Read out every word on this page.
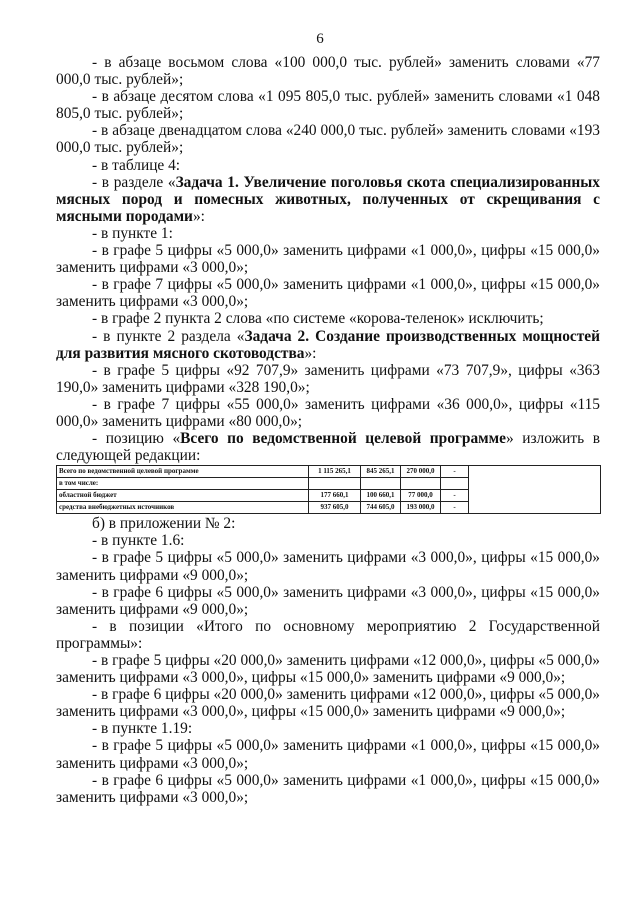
6

- в абзаце восьмом слова «100 000,0 тыс. рублей» заменить словами «77 000,0 тыс. рублей»;

- в абзаце десятом слова «1 095 805,0 тыс. рублей» заменить словами «1 048 805,0 тыс. рублей»;

- в абзаце двенадцатом слова «240 000,0 тыс. рублей» заменить словами «193 000,0 тыс. рублей»;

- в таблице 4:

- в разделе «Задача 1. Увеличение поголовья скота специализированных мясных пород и помесных животных, полученных от скрещивания с мясными породами»:

- в пункте 1:

- в графе 5 цифры «5 000,0» заменить цифрами «1 000,0», цифры «15 000,0» заменить цифрами «3 000,0»;

- в графе 7 цифры «5 000,0» заменить цифрами «1 000,0», цифры «15 000,0» заменить цифрами «3 000,0»;

- в графе 2 пункта 2 слова «по системе «корова-теленок» исключить;

- в пункте 2 раздела «Задача 2. Создание производственных мощностей для развития мясного скотоводства»:

- в графе 5 цифры «92 707,9» заменить цифрами «73 707,9», цифры «363 190,0» заменить цифрами «328 190,0»;

- в графе 7 цифры «55 000,0» заменить цифрами «36 000,0», цифры «115 000,0» заменить цифрами «80 000,0»;

- позицию «Всего по ведомственной целевой программе» изложить в следующей редакции:

Всего по ведомственной целевой программе	1 115 265,1	845 265,1	270 000,0	-	
в том числе:					
областной бюджет	177 660,1	100 660,1	77 000,0	-	
средства внебюджетных источников	937 605,0	744 605,0	193 000,0	-	

б) в приложении № 2:

- в пункте 1.6:

- в графе 5 цифры «5 000,0» заменить цифрами «3 000,0», цифры «15 000,0» заменить цифрами «9 000,0»;

- в графе 6 цифры «5 000,0» заменить цифрами «3 000,0», цифры «15 000,0» заменить цифрами «9 000,0»;

- в позиции «Итого по основному мероприятию 2 Государственной программы»:

- в графе 5 цифры «20 000,0» заменить цифрами «12 000,0», цифры «5 000,0» заменить цифрами «3 000,0», цифры «15 000,0» заменить цифрами «9 000,0»;

- в графе 6 цифры «20 000,0» заменить цифрами «12 000,0», цифры «5 000,0» заменить цифрами «3 000,0», цифры «15 000,0» заменить цифрами «9 000,0»;

- в пункте 1.19:

- в графе 5 цифры «5 000,0» заменить цифрами «1 000,0», цифры «15 000,0» заменить цифрами «3 000,0»;

- в графе 6 цифры «5 000,0» заменить цифрами «1 000,0», цифры «15 000,0» заменить цифрами «3 000,0»;
